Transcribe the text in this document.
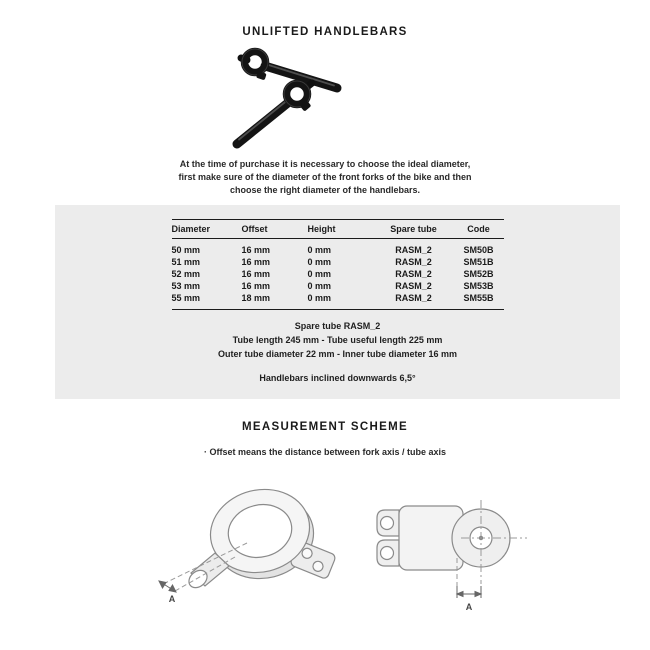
UNLIFTED HANDLEBARS

At the time of purchase it is necessary to choose the ideal diameter, first make sure of the diameter of the front forks of the bike and then choose the right diameter of the handlebars.

Diameter	Offset	Height	Spare tube	Code
50 mm	16 mm	0 mm	RASM_2	SM50B
51 mm	16 mm	0 mm	RASM_2	SM51B
52 mm	16 mm	0 mm	RASM_2	SM52B
53 mm	16 mm	0 mm	RASM_2	SM53B
55 mm	18 mm	0 mm	RASM_2	SM55B

Spare tube RASM_2

Tube length 245 mm - Tube useful length 225 mm

Outer tube diameter 22 mm - Inner tube diameter 16 mm

Handlebars inclined downwards 6,5°

MEASUREMENT SCHEME

· Offset means the distance between fork axis / tube axis

A
A
